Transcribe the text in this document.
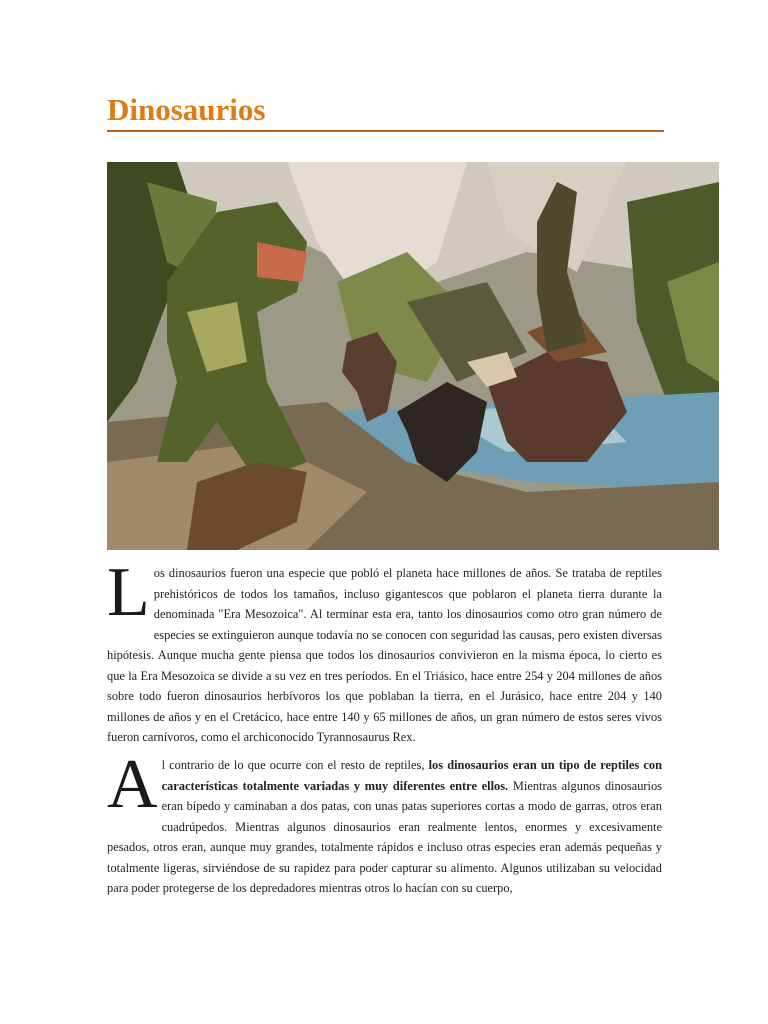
Dinosaurios

Los dinosaurios fueron una especie que pobló el planeta hace millones de años. Se trataba de reptiles prehistóricos de todos los tamaños, incluso gigantescos que poblaron el planeta tierra durante la denominada "Era Mesozoica". Al terminar esta era, tanto los dinosaurios como otro gran número de especies se extinguieron aunque todavía no se conocen con seguridad las causas, pero existen diversas hipótesis. Aunque mucha gente piensa que todos los dinosaurios convivieron en la misma época, lo cierto es que la Era Mesozoica se divide a su vez en tres períodos. En el Triásico, hace entre 254 y 204 millones de años sobre todo fueron dinosaurios herbívoros los que poblaban la tierra, en el Jurásico, hace entre 204 y 140 millones de años y en el Cretácico, hace entre 140 y 65 millones de años, un gran número de estos seres vivos fueron carnívoros, como el archiconocido Tyrannosaurus Rex.

Al contrario de lo que ocurre con el resto de reptiles, los dinosaurios eran un tipo de reptiles con características totalmente variadas y muy diferentes entre ellos. Mientras algunos dinosaurios eran bípedo y caminaban a dos patas, con unas patas superiores cortas a modo de garras, otros eran cuadrúpedos. Mientras algunos dinosaurios eran realmente lentos, enormes y excesivamente pesados, otros eran, aunque muy grandes, totalmente rápidos e incluso otras especies eran además pequeñas y totalmente ligeras, sirviéndose de su rapidez para poder capturar su alimento. Algunos utilizaban su velocidad para poder protegerse de los depredadores mientras otros lo hacían con su cuerpo,
